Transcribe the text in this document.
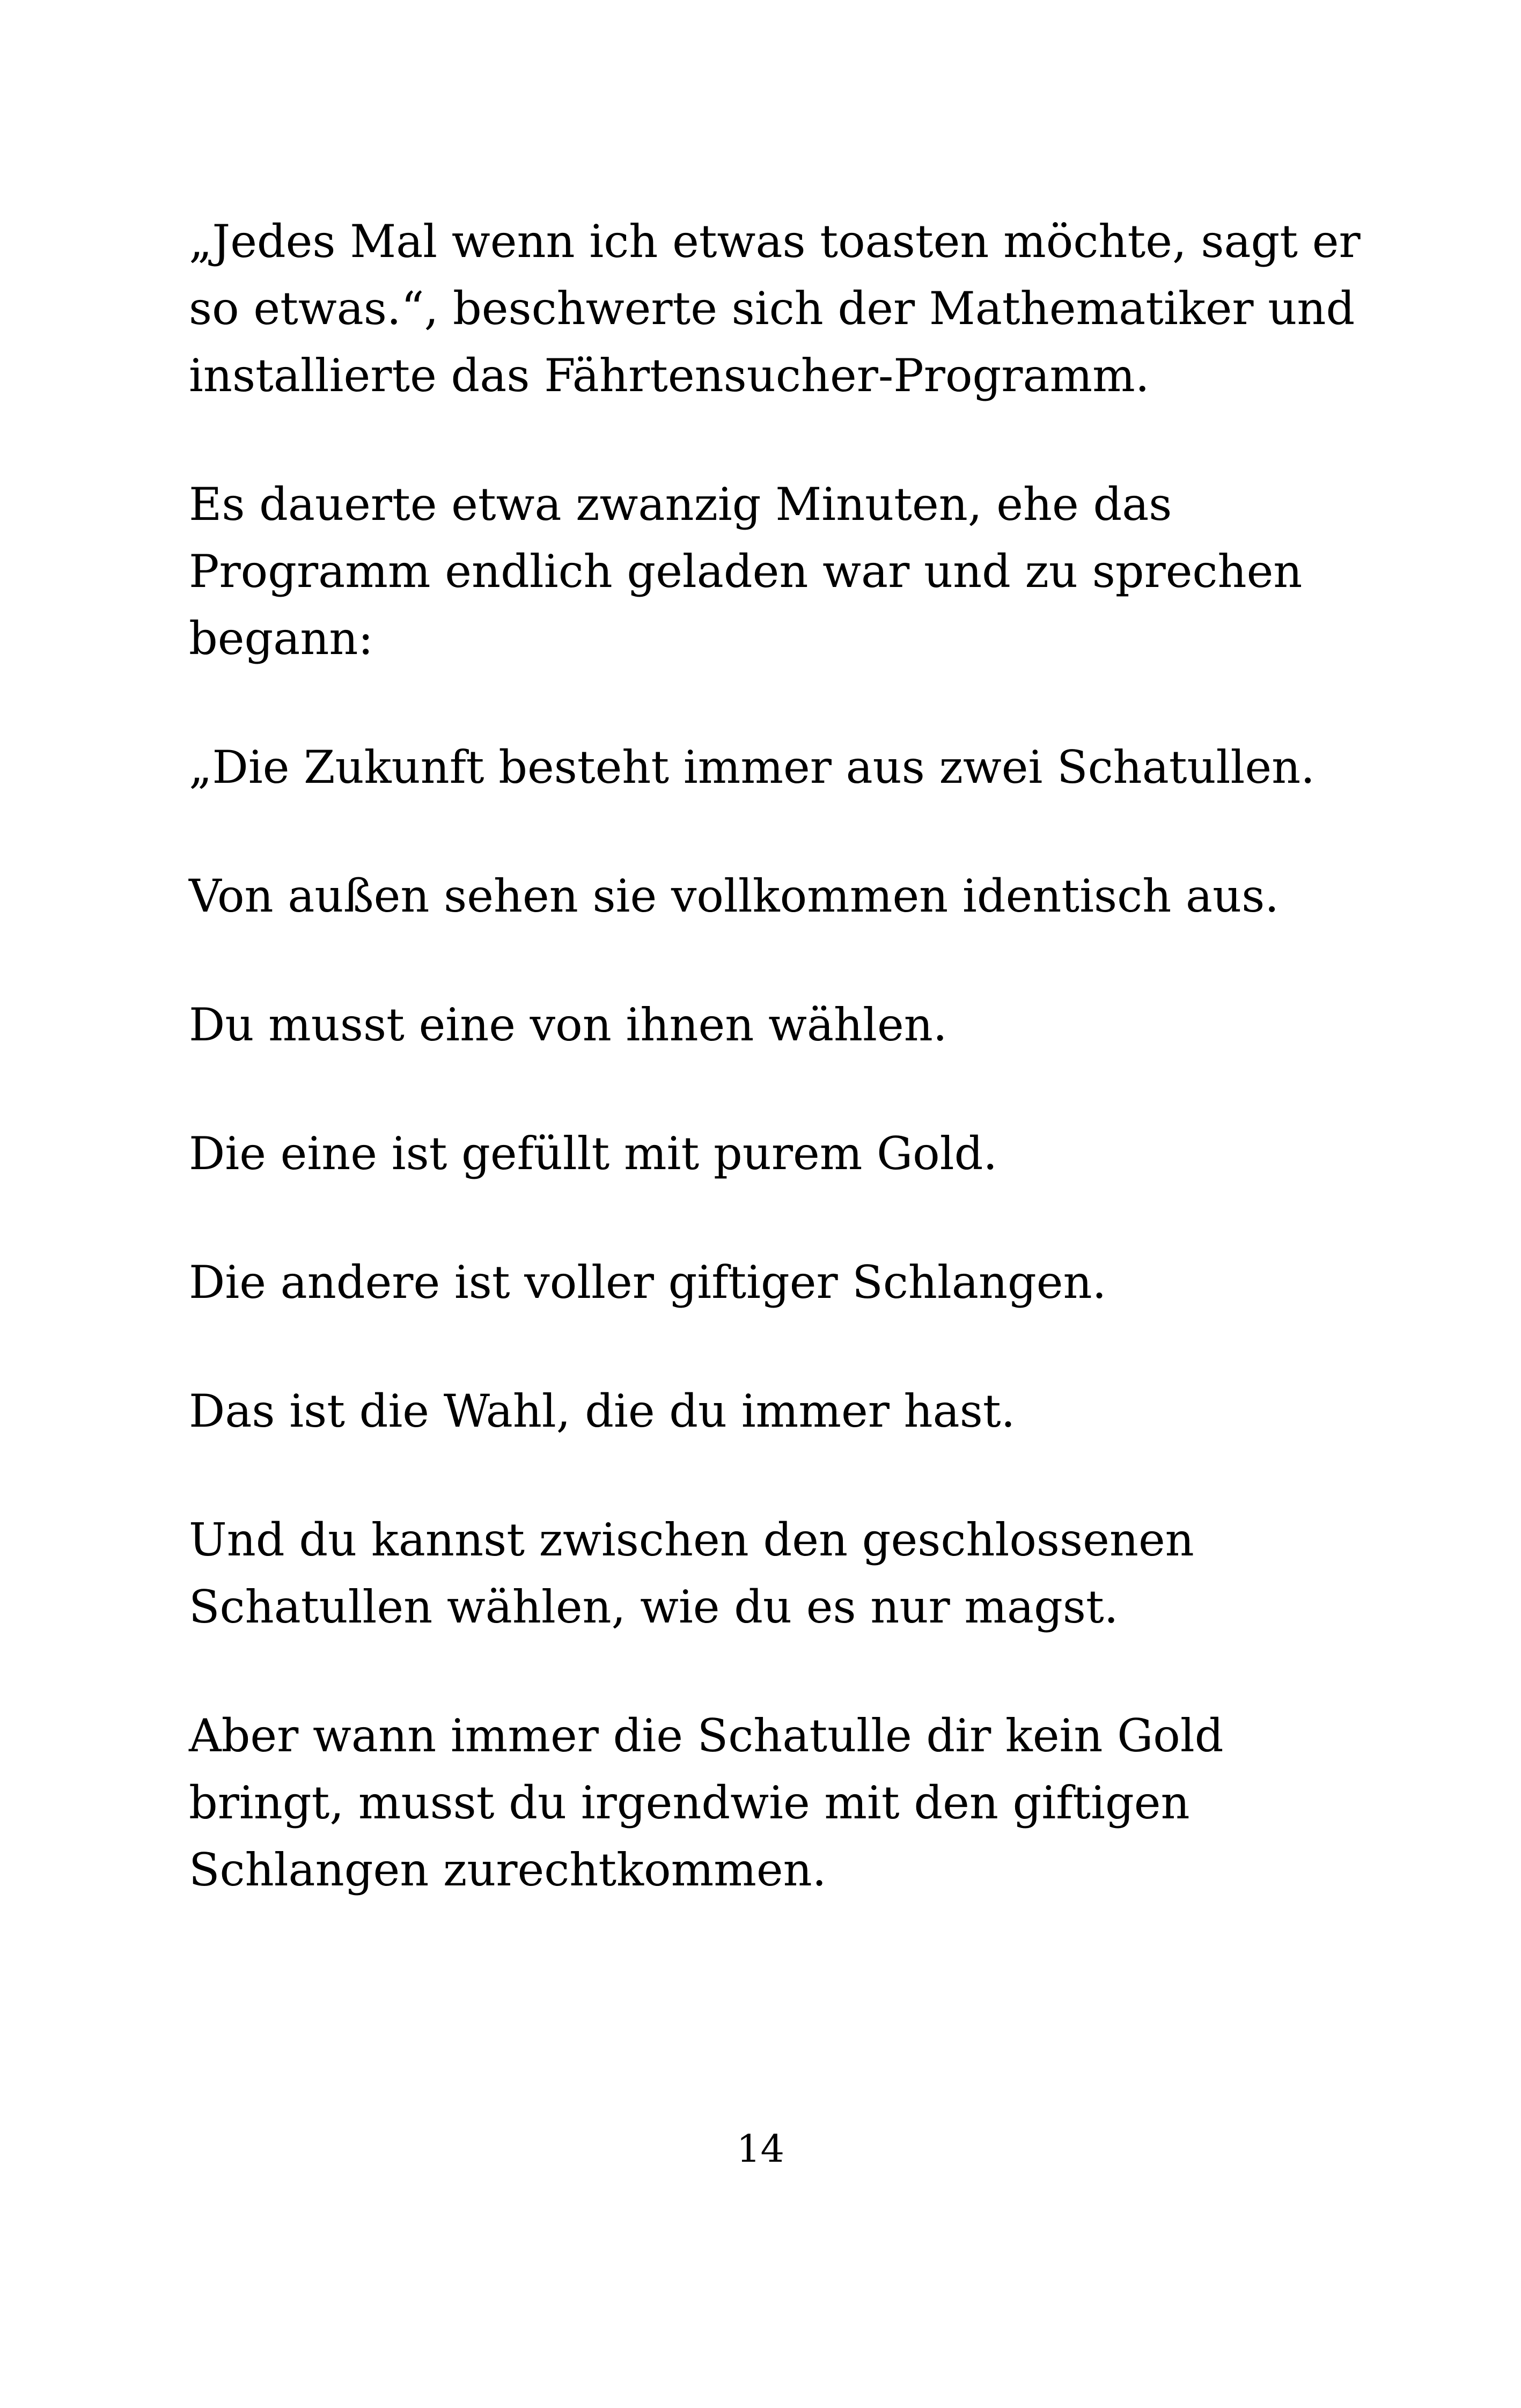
„Jedes Mal wenn ich etwas toasten möchte, sagt er
so etwas.“, beschwerte sich der Mathematiker und
installierte das Fährtensucher-Programm.

Es dauerte etwa zwanzig Minuten, ehe das
Programm endlich geladen war und zu sprechen
begann:

„Die Zukunft besteht immer aus zwei Schatullen.

Von außen sehen sie vollkommen identisch aus.

Du musst eine von ihnen wählen.

Die eine ist gefüllt mit purem Gold.

Die andere ist voller giftiger Schlangen.

Das ist die Wahl, die du immer hast.

Und du kannst zwischen den geschlossenen
Schatullen wählen, wie du es nur magst.

Aber wann immer die Schatulle dir kein Gold
bringt, musst du irgendwie mit den giftigen
Schlangen zurechtkommen.

14
